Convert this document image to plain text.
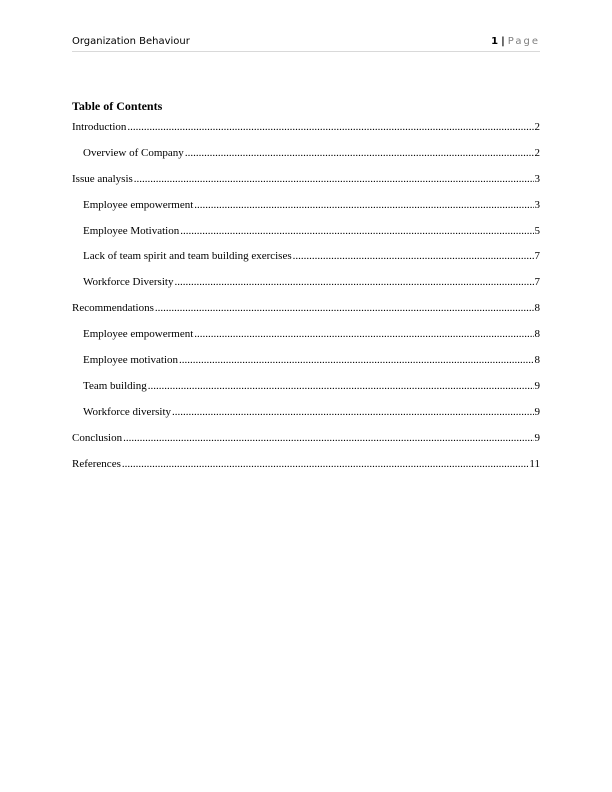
Organization Behaviour	1 | Page
Table of Contents
Introduction .....	2
Overview of Company .....	2
Issue analysis .....	3
Employee empowerment .....	3
Employee Motivation .....	5
Lack of team spirit and team building exercises .....	7
Workforce Diversity .....	7
Recommendations .....	8
Employee empowerment .....	8
Employee motivation .....	8
Team building .....	9
Workforce diversity .....	9
Conclusion .....	9
References .....	11
